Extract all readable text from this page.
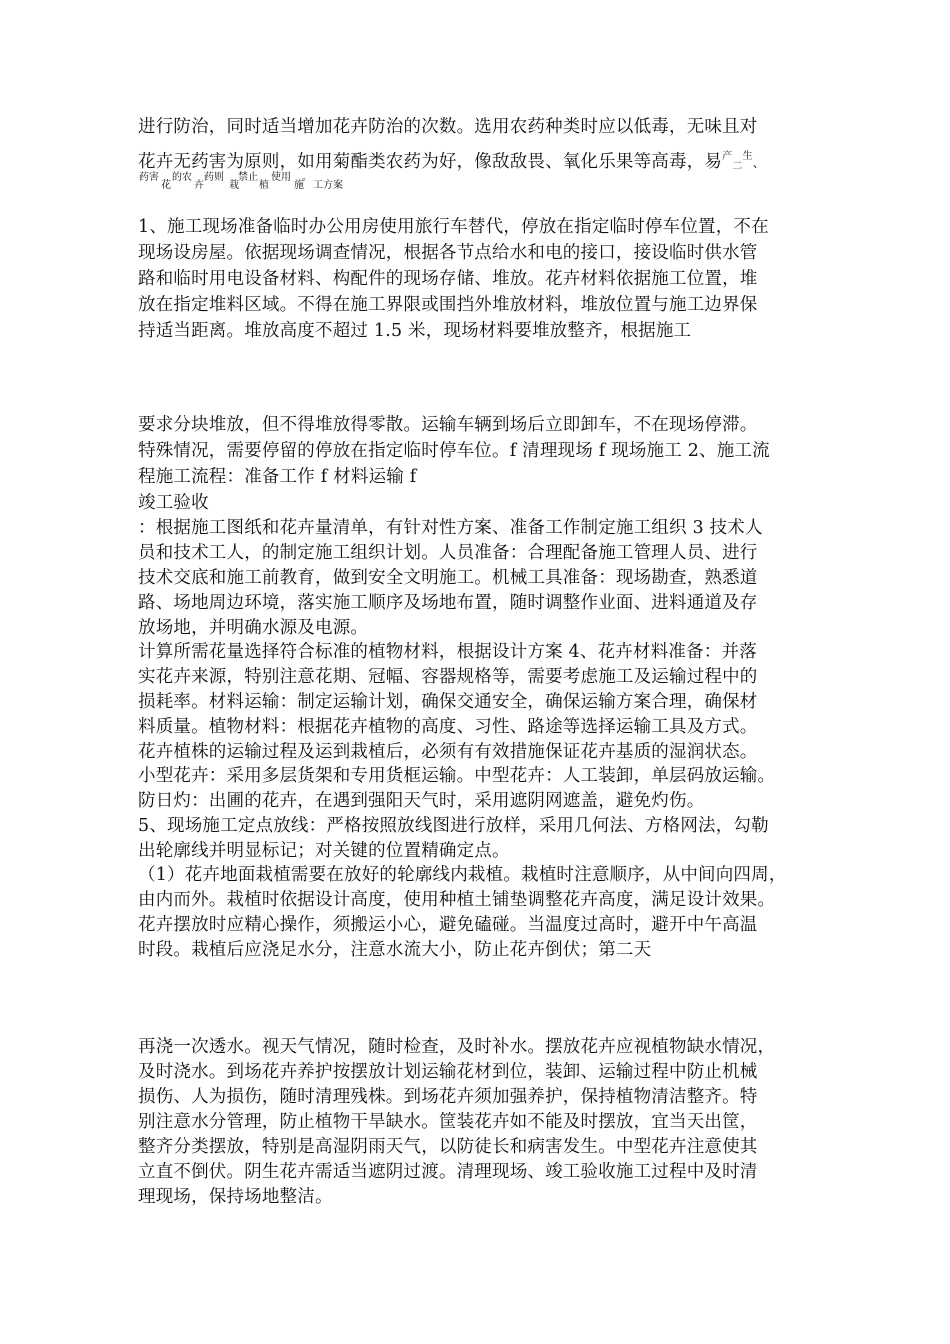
进行防治，同时适当增加花卉防治的次数。选用农药种类时应以低毒，无味且对
花卉无药害为原则，如用菊酯类农药为好，像敌敌畏、氧化乐果等高毒，易$^产$二$^生$、
药害
花
的农
卉
药则
栽
禁止
植
使用
施
。
工方案
1、施工现场准备临时办公用房使用旅行车替代，停放在指定临时停车位置，不在
现场设房屋。依据现场调查情况，根据各节点给水和电的接口，接设临时供水管
路和临时用电设备材料、构配件的现场存储、堆放。花卉材料依据施工位置，堆
放在指定堆料区域。不得在施工界限或围挡外堆放材料，堆放位置与施工边界保
持适当距离。堆放高度不超过 1.5 米，现场材料要堆放整齐，根据施工
要求分块堆放，但不得堆放得零散。运输车辆到场后立即卸车，不在现场停滞。
特殊情况，需要停留的停放在指定临时停车位。f 清理现场 f 现场施工 2、施工流
程施工流程：准备工作 f 材料运输 f
竣工验收
：根据施工图纸和花卉量清单，有针对性方案、准备工作制定施工组织 3 技术人
员和技术工人，的制定施工组织计划。人员准备：合理配备施工管理人员、进行
技术交底和施工前教育，做到安全文明施工。机械工具准备：现场勘查，熟悉道
路、场地周边环境，落实施工顺序及场地布置，随时调整作业面、进料通道及存
放场地，并明确水源及电源。
计算所需花量选择符合标准的植物材料，根据设计方案 4、花卉材料准备：并落
实花卉来源，特别注意花期、冠幅、容器规格等，需要考虑施工及运输过程中的
损耗率。材料运输：制定运输计划，确保交通安全，确保运输方案合理，确保材
料质量。植物材料：根据花卉植物的高度、习性、路途等选择运输工具及方式。
花卉植株的运输过程及运到栽植后，必须有有效措施保证花卉基质的湿润状态。
小型花卉：采用多层货架和专用货框运输。中型花卉：人工装卸，单层码放运输。
防日灼：出圃的花卉，在遇到强阳天气时，采用遮阴网遮盖，避免灼伤。
5、现场施工定点放线：严格按照放线图进行放样，采用几何法、方格网法，勾勒
出轮廓线并明显标记；对关键的位置精确定点。
（1）花卉地面栽植需要在放好的轮廓线内栽植。栽植时注意顺序，从中间向四周，
由内而外。栽植时依据设计高度，使用种植土铺垫调整花卉高度，满足设计效果。
花卉摆放时应精心操作，须搬运小心，避免磕碰。当温度过高时，避开中午高温
时段。栽植后应浇足水分，注意水流大小，防止花卉倒伏；第二天
再浇一次透水。视天气情况，随时检查，及时补水。摆放花卉应视植物缺水情况，
及时浇水。到场花卉养护按摆放计划运输花材到位，装卸、运输过程中防止机械
损伤、人为损伤，随时清理残株。到场花卉须加强养护，保持植物清洁整齐。特
别注意水分管理，防止植物干旱缺水。筐装花卉如不能及时摆放，宜当天出筐，
整齐分类摆放，特别是高湿阴雨天气，以防徒长和病害发生。中型花卉注意使其
立直不倒伏。阴生花卉需适当遮阴过渡。清理现场、竣工验收施工过程中及时清
理现场，保持场地整洁。
